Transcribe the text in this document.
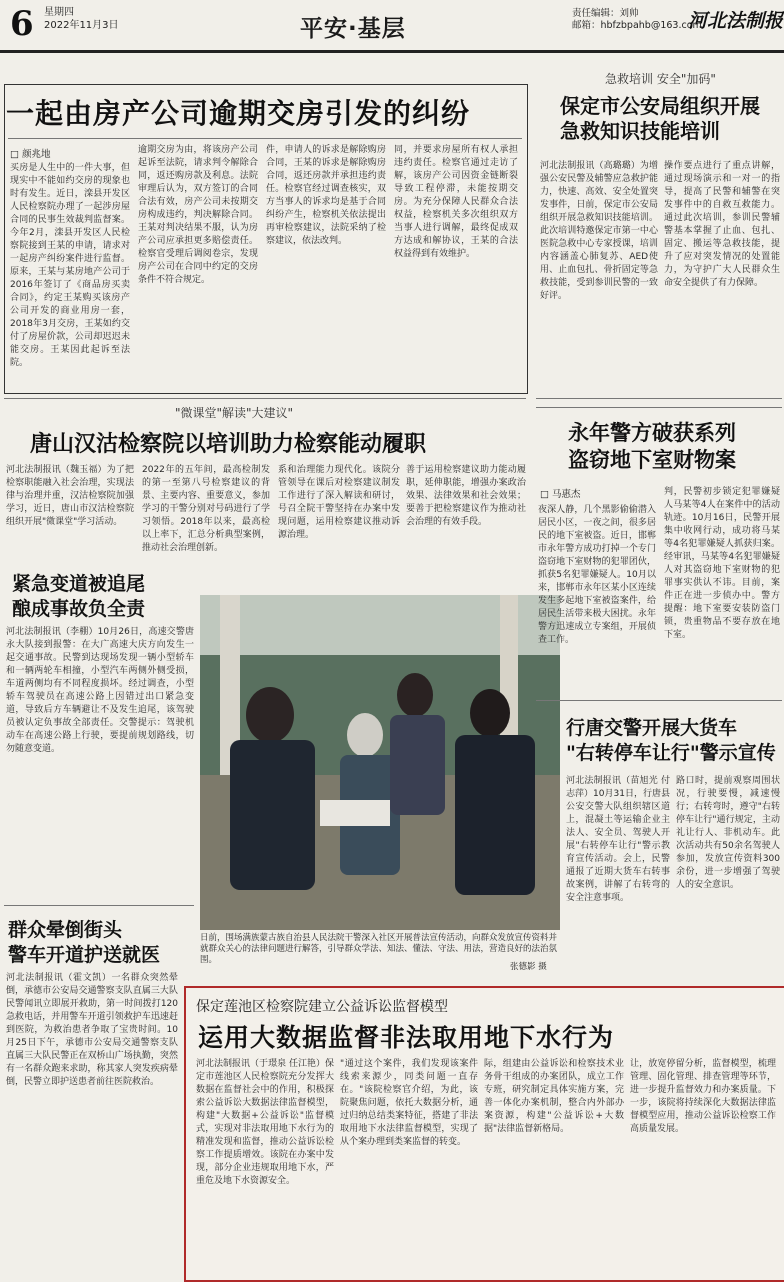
6 星期四
2022年11月3日	平安·基层
责任编辑：刘帅
邮箱：hbfzbpahb@163.com
河北法制报
一起由房产公司逾期交房引发的纠纷
□ 颜兆地
买房是人生中的一件大事，但现实中不能如约交房的现象也时有发生。近日，滦县开发区人民检察院办理了一起涉房屋合同的民事生效裁判监督案。今年2月，滦县开发区人民检察院接到王某的申请，请求对一起房产纠纷案件进行监督。原来，王某与某房地产公司于2016年签订了《商品房买卖合同》，约定王某购买该房产公司开发的商业用房一套，2018年3月交房，王某如约交付了房屋价款，公司却迟迟未能交房。王某因此起诉至法院。
逾期交房为由，将该房产公司起诉至法院，请求判令解除合同，返还购房款及利息。法院审理后认为，双方签订的合同合法有效，房产公司未按期交房构成违约，判决解除合同。王某对判决结果不服，认为房产公司应承担更多赔偿责任。检察官受理后调阅卷宗，发现房产公司在合同中约定的交房条件不符合规定。
件，申请人的诉求是解除购房合同，王某的诉求是解除购房合同，返还房款并承担违约责任。检察官经过调查核实，双方当事人的诉求均是基于合同纠纷产生，检察机关依法提出再审检察建议，法院采纳了检察建议，依法改判。
同，并要求房屋所有权人承担违约责任。检察官通过走访了解，该房产公司因资金链断裂导致工程停滞，未能按期交房。为充分保障人民群众合法权益，检察机关多次组织双方当事人进行调解，最终促成双方达成和解协议，王某的合法权益得到有效维护。
急救培训 安全"加码"
保定市公安局组织开展
急救知识技能培训
河北法制报讯（高璐璐）为增强公安民警及辅警应急救护能力，快速、高效、安全处置突发事件，日前，保定市公安局组织开展急救知识技能培训。此次培训特邀保定市第一中心医院急救中心专家授课，培训内容涵盖心肺复苏、AED使用、止血包扎、骨折固定等急救技能，受到参训民警的一致好评。
操作要点进行了重点讲解，通过现场演示和一对一的指导，提高了民警和辅警在突发事件中的自救互救能力。通过此次培训，参训民警辅警基本掌握了止血、包扎、固定、搬运等急救技能，提升了应对突发情况的处置能力，为守护广大人民群众生命安全提供了有力保障。
"微课堂"解读"大建议"
唐山汉沽检察院以培训助力检察能动履职
河北法制报讯（魏玉福）为了把检察职能融入社会治理，实现法律与治理并重，汉沽检察院加强学习，近日，唐山市汉沽检察院组织开展"微课堂"学习活动。
2022年的五年间，最高检制发的第一至第八号检察建议的背景、主要内容、重要意义，参加学习的干警分别对号码进行了学习领悟。2018年以来，最高检以上率下，汇总分析典型案例，推动社会治理创新。
系和治理能力现代化。该院分管领导在课后对检察建议制发工作进行了深入解读和研讨，号召全院干警坚持在办案中发现问题，运用检察建议推动诉源治理。
善于运用检察建议助力能动履职，延伸职能，增强办案政治效果、法律效果和社会效果；要善于把检察建议作为推动社会治理的有效手段。
紧急变道被追尾
酿成事故负全责
河北法制报讯（李棚）10月26日，高速交警唐永大队接到报警：在大广高速大庆方向发生一起交通事故。民警到达现场发现一辆小型轿车和一辆两轮车相撞，小型汽车两侧外侧受损，车道两侧均有不同程度损坏。经过调查，小型轿车驾驶员在高速公路上因错过出口紧急变道，导致后方车辆避让不及发生追尾，该驾驶员被认定负事故全部责任。交警提示：驾驶机动车在高速公路上行驶，要提前规划路线，切勿随意变道。
群众晕倒街头
警车开道护送就医
河北法制报讯（霍文凯）一名群众突然晕倒，承德市公安局交通警察支队直属三大队民警闻讯立即展开救助，第一时间拨打120急救电话，并用警车开道引领救护车迅速赶到医院，为救治患者争取了宝贵时间。10月25日下午，承德市公安局交通警察支队直属三大队民警正在双桥山广场执勤，突然有一名群众跑来求助，称其家人突发疾病晕倒，民警立即护送患者前往医院救治。
日前，围场满族蒙古族自治县人民法院干警深入社区开展普法宣传活动，向群众发放宣传资料并就群众关心的法律问题进行解答，引导群众学法、知法、懂法、守法、用法，营造良好的法治氛围。
张德影 摄
永年警方破获系列
盗窃地下室财物案
□ 马惠杰
夜深人静，几个黑影偷偷潜入居民小区，一夜之间，很多居民的地下室被盗。近日，邯郸市永年警方成功打掉一个专门盗窃地下室财物的犯罪团伙，抓获5名犯罪嫌疑人。10月以来，邯郸市永年区某小区连续发生多起地下室被盗案件，给居民生活带来极大困扰。永年警方迅速成立专案组，开展侦查工作。
判，民警初步锁定犯罪嫌疑人马某等4人在案件中的活动轨迹。10月16日，民警开展集中收网行动，成功将马某等4名犯罪嫌疑人抓获归案。经审讯，马某等4名犯罪嫌疑人对其盗窃地下室财物的犯罪事实供认不讳。目前，案件正在进一步侦办中。警方提醒：地下室要安装防盗门锁，贵重物品不要存放在地下室。
行唐交警开展大货车
"右转停车让行"警示宣传
河北法制报讯（苗旭光 付志萍）10月31日，行唐县公安交警大队组织辖区道上，混凝土等运输企业主法人、安全员、驾驶人开展"右转停车让行"警示教育宣传活动。会上，民警通报了近期大货车右转事故案例，讲解了右转弯的安全注意事项。
路口时，提前观察周围状况，行驶要慢，减速慢行；右转弯时，遵守"右转停车让行"通行规定，主动礼让行人、非机动车。此次活动共有50余名驾驶人参加，发放宣传资料300余份，进一步增强了驾驶人的安全意识。
保定莲池区检察院建立公益诉讼监督模型
运用大数据监督非法取用地下水行为
河北法制报讯（于璟泉 任江艳）保定市莲池区人民检察院充分发挥大数据在监督社会中的作用，积极探索公益诉讼大数据法律监督模型，构建"大数据+公益诉讼"监督模式，实现对非法取用地下水行为的精准发现和监督，推动公益诉讼检察工作提质增效。该院在办案中发现，部分企业违规取用地下水，严重危及地下水资源安全。
"通过这个案件，我们发现该案件线索来源少，同类问题一直存在。"该院检察官介绍，为此，该院聚焦问题，依托大数据分析，通过归纳总结类案特征，搭建了非法取用地下水法律监督模型，实现了从个案办理到类案监督的转变。
际，组建由公益诉讼和检察技术业务骨干组成的办案团队，成立工作专班，研究制定具体实施方案，完善一体化办案机制，整合内外部办案资源，构建"公益诉讼+大数据"法律监督新格局。
让，放宽停留分析，监督模型，梳理管理、固化管理、排查管理等环节，进一步提升监督效力和办案质量。下一步，该院将持续深化大数据法律监督模型应用，推动公益诉讼检察工作高质量发展。
